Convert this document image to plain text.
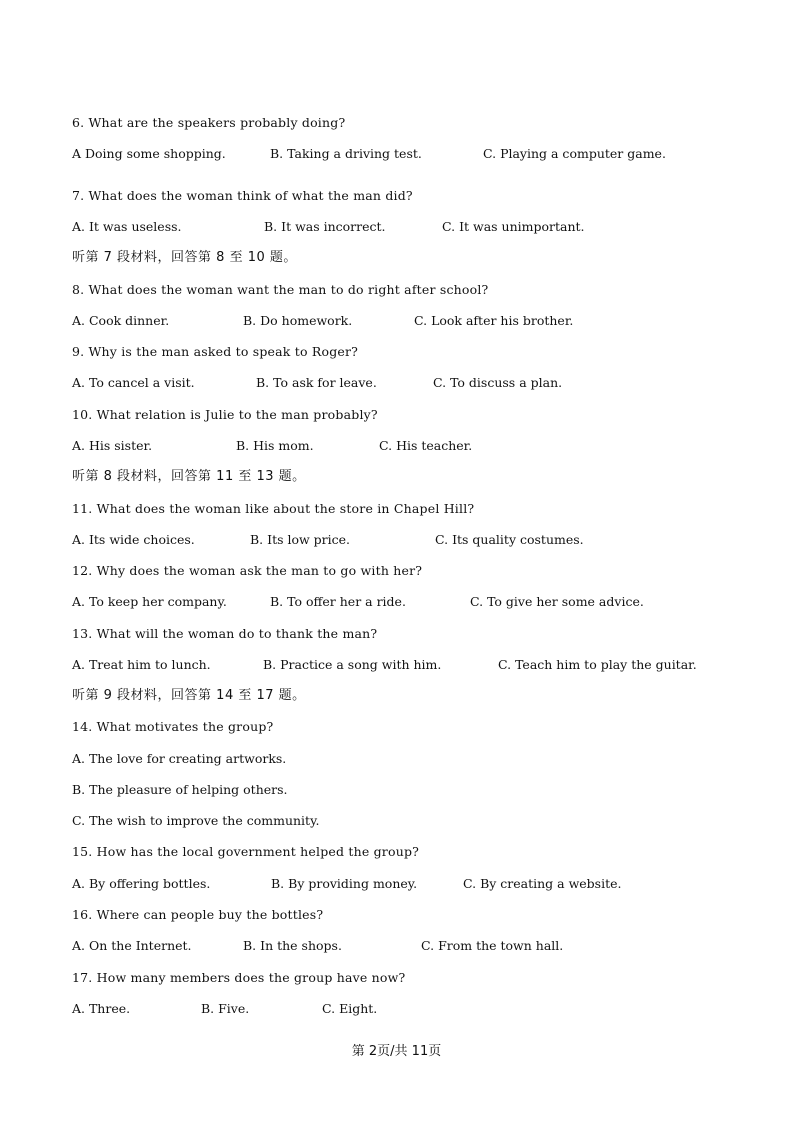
6. What are the speakers probably doing?
A Doing some shopping.	B. Taking a driving test.	C. Playing a computer game.
7. What does the woman think of what the man did?
A. It was useless.	B. It was incorrect.	C. It was unimportant.
听第 7 段材料，回答第 8 至 10 题。
8. What does the woman want the man to do right after school?
A. Cook dinner.	B. Do homework.	C. Look after his brother.
9. Why is the man asked to speak to Roger?
A. To cancel a visit.	B. To ask for leave.	C. To discuss a plan.
10. What relation is Julie to the man probably?
A. His sister.	B. His mom.	C. His teacher.
听第 8 段材料，回答第 11 至 13 题。
11. What does the woman like about the store in Chapel Hill?
A. Its wide choices.	B. Its low price.	C. Its quality costumes.
12. Why does the woman ask the man to go with her?
A. To keep her company.	B. To offer her a ride.	C. To give her some advice.
13. What will the woman do to thank the man?
A. Treat him to lunch.	B. Practice a song with him.	C. Teach him to play the guitar.
听第 9 段材料，回答第 14 至 17 题。
14. What motivates the group?
A. The love for creating artworks.
B. The pleasure of helping others.
C. The wish to improve the community.
15. How has the local government helped the group?
A. By offering bottles.	B. By providing money.	C. By creating a website.
16. Where can people buy the bottles?
A. On the Internet.	B. In the shops.	C. From the town hall.
17. How many members does the group have now?
A. Three.	B. Five.	C. Eight.
第 2页/共 11页
